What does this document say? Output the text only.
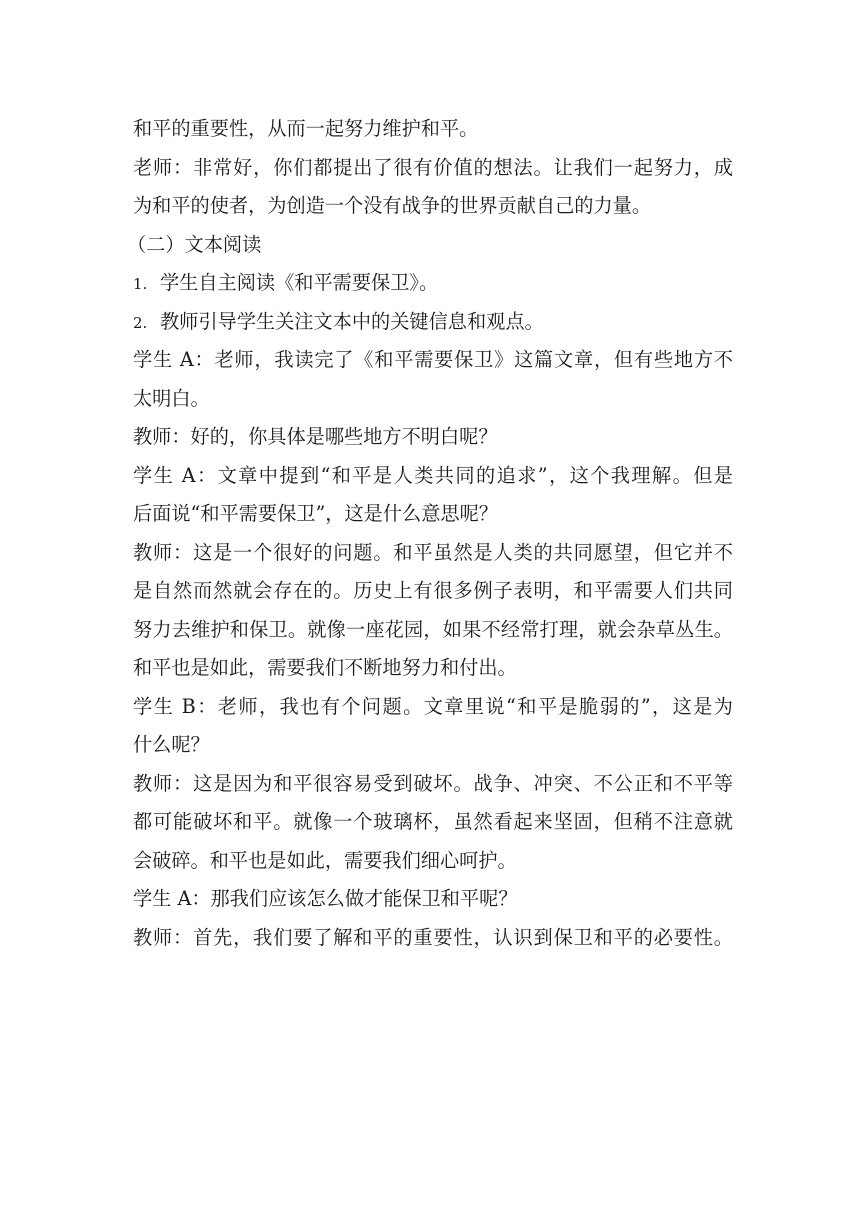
和平的重要性，从而一起努力维护和平。
老师：非常好，你们都提出了很有价值的想法。让我们一起努力，成
为和平的使者，为创造一个没有战争的世界贡献自己的力量。
（二）文本阅读
1. 学生自主阅读《和平需要保卫》。
2. 教师引导学生关注文本中的关键信息和观点。
学生 A：老师，我读完了《和平需要保卫》这篇文章，但有些地方不
太明白。
教师：好的，你具体是哪些地方不明白呢？
学生 A：文章中提到“和平是人类共同的追求”，这个我理解。但是
后面说“和平需要保卫”，这是什么意思呢？
教师：这是一个很好的问题。和平虽然是人类的共同愿望，但它并不
是自然而然就会存在的。历史上有很多例子表明，和平需要人们共同
努力去维护和保卫。就像一座花园，如果不经常打理，就会杂草丛生。
和平也是如此，需要我们不断地努力和付出。
学生 B：老师，我也有个问题。文章里说“和平是脆弱的”，这是为
什么呢？
教师：这是因为和平很容易受到破坏。战争、冲突、不公正和不平等
都可能破坏和平。就像一个玻璃杯，虽然看起来坚固，但稍不注意就
会破碎。和平也是如此，需要我们细心呵护。
学生 A：那我们应该怎么做才能保卫和平呢？
教师：首先，我们要了解和平的重要性，认识到保卫和平的必要性。
